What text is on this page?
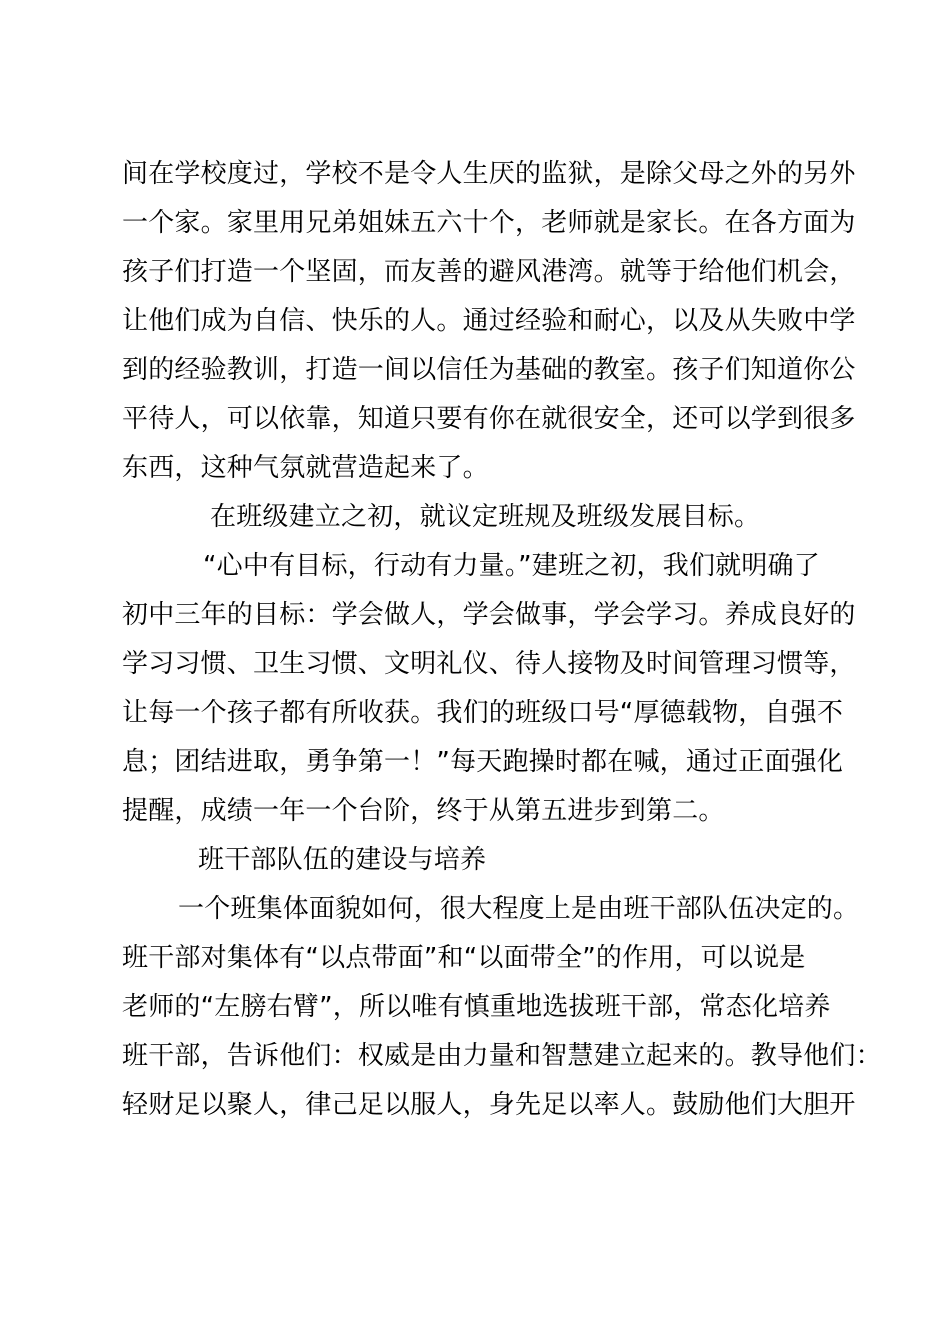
间在学校度过，学校不是令人生厌的监狱，是除父母之外的另外
一个家。家里用兄弟姐妹五六十个，老师就是家长。在各方面为
孩子们打造一个坚固，而友善的避风港湾。就等于给他们机会，
让他们成为自信、快乐的人。通过经验和耐心，以及从失败中学
到的经验教训，打造一间以信任为基础的教室。孩子们知道你公
平待人，可以依靠，知道只要有你在就很安全，还可以学到很多
东西，这种气氛就营造起来了。
在班级建立之初，就议定班规及班级发展目标。
“心中有目标，行动有力量。”建班之初，我们就明确了
初中三年的目标：学会做人，学会做事，学会学习。养成良好的
学习习惯、卫生习惯、文明礼仪、待人接物及时间管理习惯等，
让每一个孩子都有所收获。我们的班级口号“厚德载物，自强不
息；团结进取，勇争第一！”每天跑操时都在喊，通过正面强化
提醒，成绩一年一个台阶，终于从第五进步到第二。
班干部队伍的建设与培养
一个班集体面貌如何，很大程度上是由班干部队伍决定的。
班干部对集体有“以点带面”和“以面带全”的作用，可以说是
老师的“左膀右臂”，所以唯有慎重地选拔班干部，常态化培养
班干部，告诉他们：权威是由力量和智慧建立起来的。教导他们：
轻财足以聚人，律己足以服人，身先足以率人。鼓励他们大胆开
